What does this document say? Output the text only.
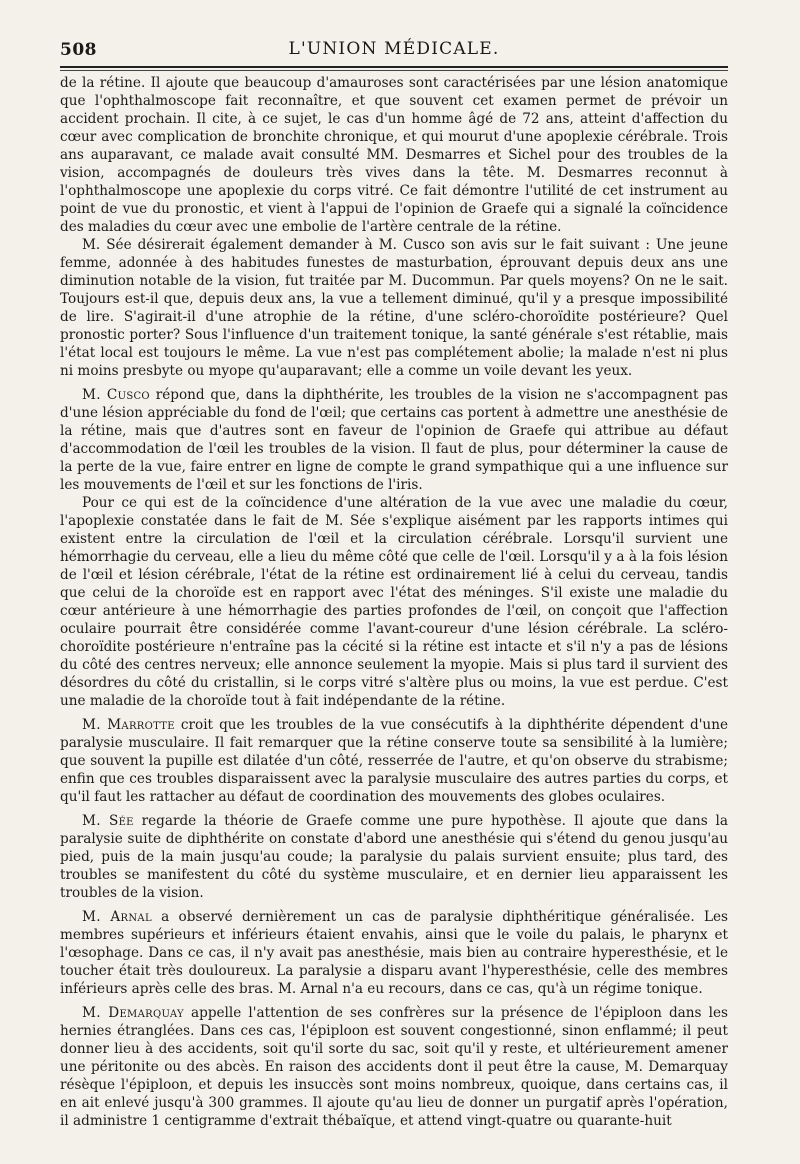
508	L'UNION MÉDICALE.

de la rétine. Il ajoute que beaucoup d'amauroses sont caractérisées par une lésion anatomique que l'ophthalmoscope fait reconnaître, et que souvent cet examen permet de prévoir un accident prochain. Il cite, à ce sujet, le cas d'un homme âgé de 72 ans, atteint d'affection du cœur avec complication de bronchite chronique, et qui mourut d'une apoplexie cérébrale. Trois ans auparavant, ce malade avait consulté MM. Desmarres et Sichel pour des troubles de la vision, accompagnés de douleurs très vives dans la tête. M. Desmarres reconnut à l'ophthalmoscope une apoplexie du corps vitré. Ce fait démontre l'utilité de cet instrument au point de vue du pronostic, et vient à l'appui de l'opinion de Graefe qui a signalé la coïncidence des maladies du cœur avec une embolie de l'artère centrale de la rétine.

M. Sée désirerait également demander à M. Cusco son avis sur le fait suivant : Une jeune femme, adonnée à des habitudes funestes de masturbation, éprouvant depuis deux ans une diminution notable de la vision, fut traitée par M. Ducommun. Par quels moyens? On ne le sait. Toujours est-il que, depuis deux ans, la vue a tellement diminué, qu'il y a presque impossibilité de lire. S'agirait-il d'une atrophie de la rétine, d'une scléro-choroïdite postérieure? Quel pronostic porter? Sous l'influence d'un traitement tonique, la santé générale s'est rétablie, mais l'état local est toujours le même. La vue n'est pas complétement abolie; la malade n'est ni plus ni moins presbyte ou myope qu'auparavant; elle a comme un voile devant les yeux.

M. Cusco répond que, dans la diphthérite, les troubles de la vision ne s'accompagnent pas d'une lésion appréciable du fond de l'œil; que certains cas portent à admettre une anesthésie de la rétine, mais que d'autres sont en faveur de l'opinion de Graefe qui attribue au défaut d'accommodation de l'œil les troubles de la vision. Il faut de plus, pour déterminer la cause de la perte de la vue, faire entrer en ligne de compte le grand sympathique qui a une influence sur les mouvements de l'œil et sur les fonctions de l'iris.

Pour ce qui est de la coïncidence d'une altération de la vue avec une maladie du cœur, l'apoplexie constatée dans le fait de M. Sée s'explique aisément par les rapports intimes qui existent entre la circulation de l'œil et la circulation cérébrale. Lorsqu'il survient une hémorrhagie du cerveau, elle a lieu du même côté que celle de l'œil. Lorsqu'il y a à la fois lésion de l'œil et lésion cérébrale, l'état de la rétine est ordinairement lié à celui du cerveau, tandis que celui de la choroïde est en rapport avec l'état des méninges. S'il existe une maladie du cœur antérieure à une hémorrhagie des parties profondes de l'œil, on conçoit que l'affection oculaire pourrait être considérée comme l'avant-coureur d'une lésion cérébrale. La scléro-choroïdite postérieure n'entraîne pas la cécité si la rétine est intacte et s'il n'y a pas de lésions du côté des centres nerveux; elle annonce seulement la myopie. Mais si plus tard il survient des désordres du côté du cristallin, si le corps vitré s'altère plus ou moins, la vue est perdue. C'est une maladie de la choroïde tout à fait indépendante de la rétine.

M. Marrotte croit que les troubles de la vue consécutifs à la diphthérite dépendent d'une paralysie musculaire. Il fait remarquer que la rétine conserve toute sa sensibilité à la lumière; que souvent la pupille est dilatée d'un côté, resserrée de l'autre, et qu'on observe du strabisme; enfin que ces troubles disparaissent avec la paralysie musculaire des autres parties du corps, et qu'il faut les rattacher au défaut de coordination des mouvements des globes oculaires.

M. Sée regarde la théorie de Graefe comme une pure hypothèse. Il ajoute que dans la paralysie suite de diphthérite on constate d'abord une anesthésie qui s'étend du genou jusqu'au pied, puis de la main jusqu'au coude; la paralysie du palais survient ensuite; plus tard, des troubles se manifestent du côté du système musculaire, et en dernier lieu apparaissent les troubles de la vision.

M. Arnal a observé dernièrement un cas de paralysie diphthéritique généralisée. Les membres supérieurs et inférieurs étaient envahis, ainsi que le voile du palais, le pharynx et l'œsophage. Dans ce cas, il n'y avait pas anesthésie, mais bien au contraire hyperesthésie, et le toucher était très douloureux. La paralysie a disparu avant l'hyperesthésie, celle des membres inférieurs après celle des bras. M. Arnal n'a eu recours, dans ce cas, qu'à un régime tonique.

M. Demarquay appelle l'attention de ses confrères sur la présence de l'épiploon dans les hernies étranglées. Dans ces cas, l'épiploon est souvent congestionné, sinon enflammé; il peut donner lieu à des accidents, soit qu'il sorte du sac, soit qu'il y reste, et ultérieurement amener une péritonite ou des abcès. En raison des accidents dont il peut être la cause, M. Demarquay résèque l'épiploon, et depuis les insuccès sont moins nombreux, quoique, dans certains cas, il en ait enlevé jusqu'à 300 grammes. Il ajoute qu'au lieu de donner un purgatif après l'opération, il administre 1 centigramme d'extrait thébaïque, et attend vingt-quatre ou quarante-huit
